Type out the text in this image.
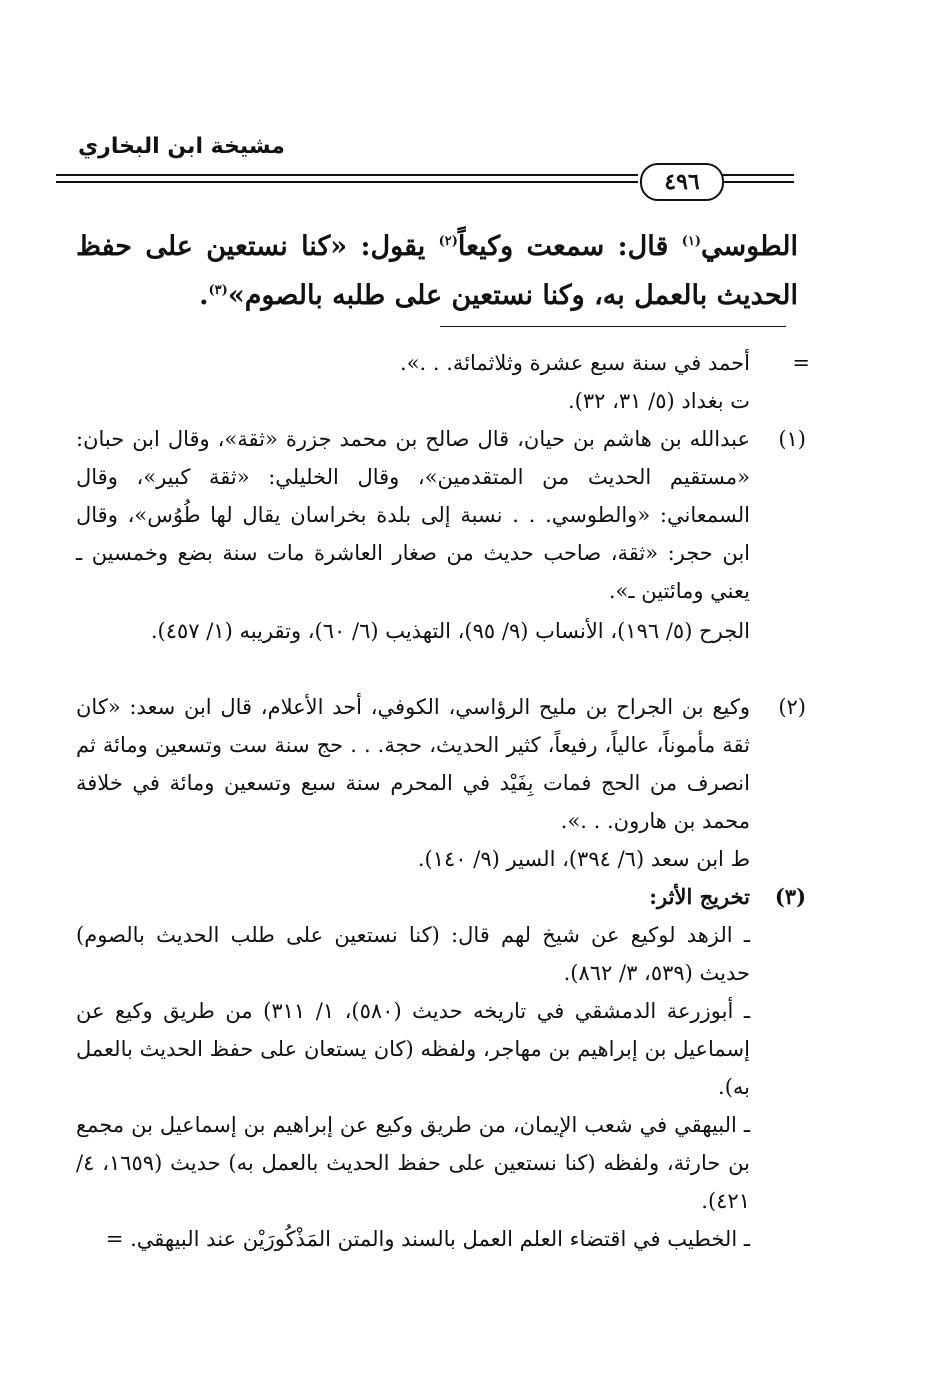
مشيخة ابن البخاري
٤٩٦
الطوسي$^{(١)}$ قال: سمعت وكيعاً$^{(٢)}$ يقول: «كنا نستعين على حفظ الحديث بالعمل به، وكنا نستعين على طلبه بالصوم»$^{(٣)}$.
=
أحمد في سنة سبع عشرة وثلاثمائة. . .».
ت بغداد (٥/ ٣١، ٣٢).
(١)
عبدالله بن هاشم بن حيان، قال صالح بن محمد جزرة «ثقة»، وقال ابن حبان: «مستقيم الحديث من المتقدمين»، وقال الخليلي: «ثقة كبير»، وقال السمعاني: «والطوسي. . . نسبة إلى بلدة بخراسان يقال لها طُوُس»، وقال ابن حجر: «ثقة، صاحب حديث من صغار العاشرة مات سنة بضع وخمسين ـ يعني ومائتين ـ».
الجرح (٥/ ١٩٦)، الأنساب (٩/ ٩٥)، التهذيب (٦/ ٦٠)، وتقريبه (١/ ٤٥٧).
(٢)
وكيع بن الجراح بن مليح الرؤاسي، الكوفي، أحد الأعلام، قال ابن سعد: «كان ثقة مأموناً، عالياً، رفيعاً، كثير الحديث، حجة. . . حج سنة ست وتسعين ومائة ثم انصرف من الحج فمات بِفَيْد في المحرم سنة سبع وتسعين ومائة في خلافة محمد بن هارون. . .».
ط ابن سعد (٦/ ٣٩٤)، السير (٩/ ١٤٠).
(٣)
تخريج الأثر:
ـ الزهد لوكيع عن شيخ لهم قال: (كنا نستعين على طلب الحديث بالصوم) حديث (٥٣٩، ٣/ ٨٦٢).
ـ أبوزرعة الدمشقي في تاريخه حديث (٥٨٠)، ١/ ٣١١) من طريق وكيع عن إسماعيل بن إبراهيم بن مهاجر، ولفظه (كان يستعان على حفظ الحديث بالعمل به).
ـ البيهقي في شعب الإيمان، من طريق وكيع عن إبراهيم بن إسماعيل بن مجمع بن حارثة، ولفظه (كنا نستعين على حفظ الحديث بالعمل به) حديث (١٦٥٩، ٤/ ٤٢١).
ـ الخطيب في اقتضاء العلم العمل بالسند والمتن المَذْكُورَيْن عند البيهقي. =
